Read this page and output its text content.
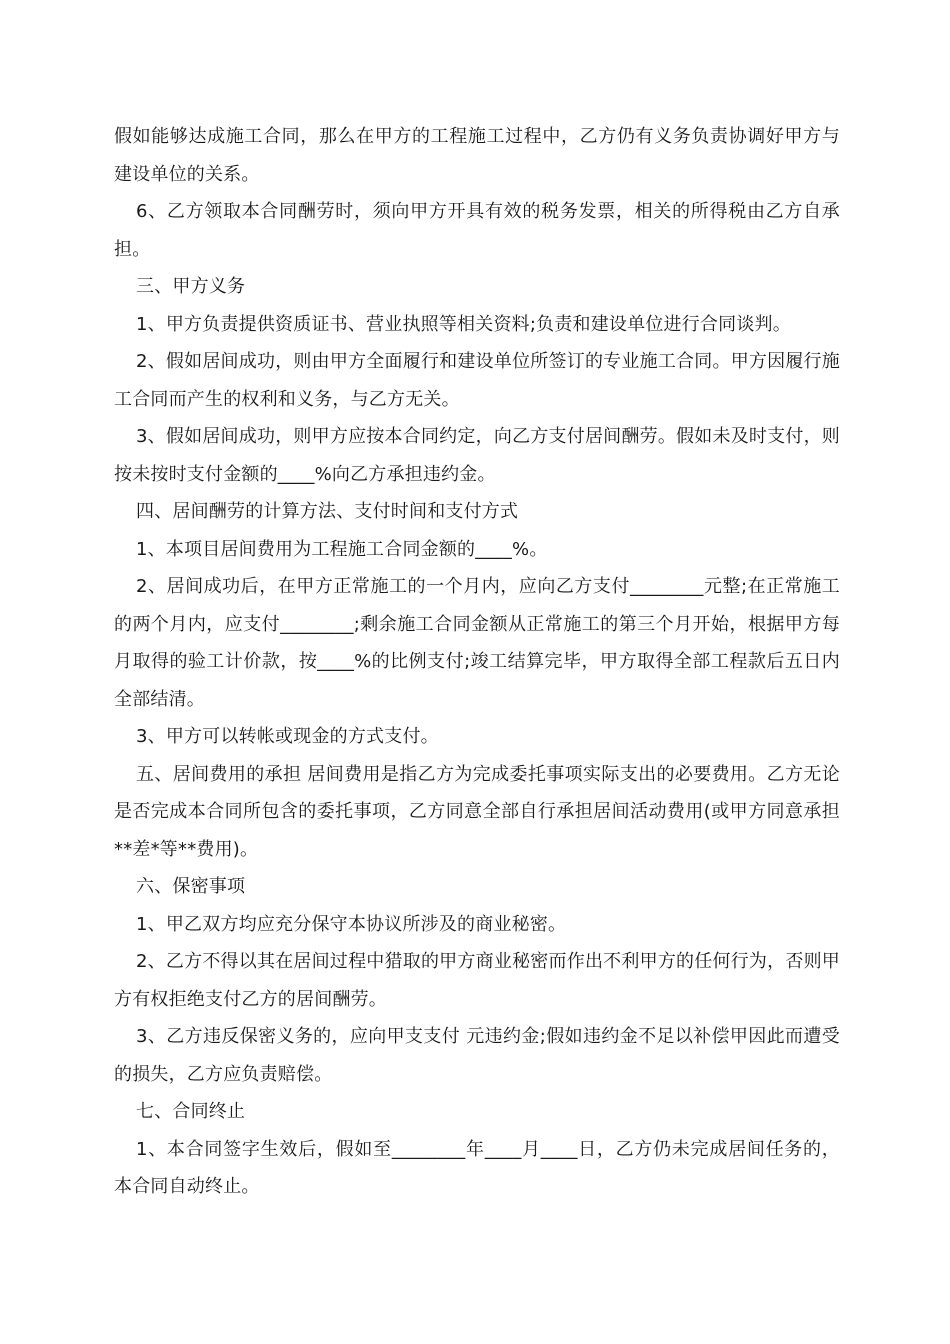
假如能够达成施工合同，那么在甲方的工程施工过程中，乙方仍有义务负责协调好甲方与建设单位的关系。

6、乙方领取本合同酬劳时，须向甲方开具有效的税务发票，相关的所得税由乙方自承担。

三、甲方义务

1、甲方负责提供资质证书、营业执照等相关资料;负责和建设单位进行合同谈判。

2、假如居间成功，则由甲方全面履行和建设单位所签订的专业施工合同。甲方因履行施工合同而产生的权利和义务，与乙方无关。

3、假如居间成功，则甲方应按本合同约定，向乙方支付居间酬劳。假如未及时支付，则按未按时支付金额的____%向乙方承担违约金。

四、居间酬劳的计算方法、支付时间和支付方式

1、本项目居间费用为工程施工合同金额的____%。

2、居间成功后，在甲方正常施工的一个月内，应向乙方支付________元整;在正常施工的两个月内，应支付________;剩余施工合同金额从正常施工的第三个月开始，根据甲方每月取得的验工计价款，按____%的比例支付;竣工结算完毕，甲方取得全部工程款后五日内全部结清。

3、甲方可以转帐或现金的方式支付。

五、居间费用的承担 居间费用是指乙方为完成委托事项实际支出的必要费用。乙方无论是否完成本合同所包含的委托事项，乙方同意全部自行承担居间活动费用(或甲方同意承担**差*等**费用)。

六、保密事项

1、甲乙双方均应充分保守本协议所涉及的商业秘密。

2、乙方不得以其在居间过程中猎取的甲方商业秘密而作出不利甲方的任何行为，否则甲方有权拒绝支付乙方的居间酬劳。

3、乙方违反保密义务的，应向甲支支付 元违约金;假如违约金不足以补偿甲因此而遭受的损失，乙方应负责赔偿。

七、合同终止

1、本合同签字生效后，假如至________年____月____日，乙方仍未完成居间任务的，本合同自动终止。
